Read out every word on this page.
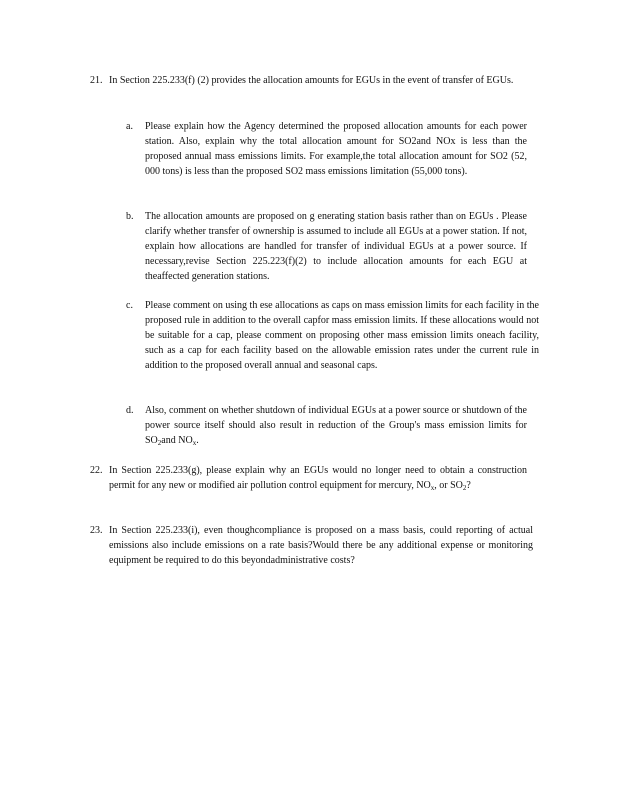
21. In Section 225.233(f) (2) provides the allocation amounts for EGUs in the event of transfer of EGUs.

a. Please explain how the Agency determined the proposed allocation amounts for each power station. Also, explain why the total allocation amount for SO2and NOx is less than the proposed annual mass emissions limits. For example,the total allocation amount for SO2 (52, 000 tons) is less than the proposed SO2 mass emissions limitation (55,000 tons).

b. The allocation amounts are proposed on g enerating station basis rather than on EGUs . Please clarify whether transfer of ownership is assumed to include all EGUs at a power station. If not, explain how allocations are handled for transfer of individual EGUs at a power source. If necessary,revise Section 225.223(f)(2) to include allocation amounts for each EGU at theaffected generation stations.

c. Please comment on using th ese allocations as caps on mass emission limits for each facility in the proposed rule in addition to the overall capfor mass emission limits. If these allocations would not be suitable for a cap, please comment on proposing other mass emission limits oneach facility, such as a cap for each facility based on the allowable emission rates under the current rule in addition to the proposed overall annual and seasonal caps.

d. Also, comment on whether shutdown of individual EGUs at a power source or shutdown of the power source itself should also result in reduction of the Group's mass emission limits for $SO_2and$ $NO_x$.

22. In Section 225.233(g), please explain why an EGUs would no longer need to obtain a construction permit for any new or modified air pollution control equipment for mercury, $NO_x$, or $SO_2$?

23. In Section 225.233(i), even thoughcompliance is proposed on a mass basis, could reporting of actual emissions also include emissions on a rate basis?Would there be any additional expense or monitoring equipment be required to do this beyondadministrative costs?
